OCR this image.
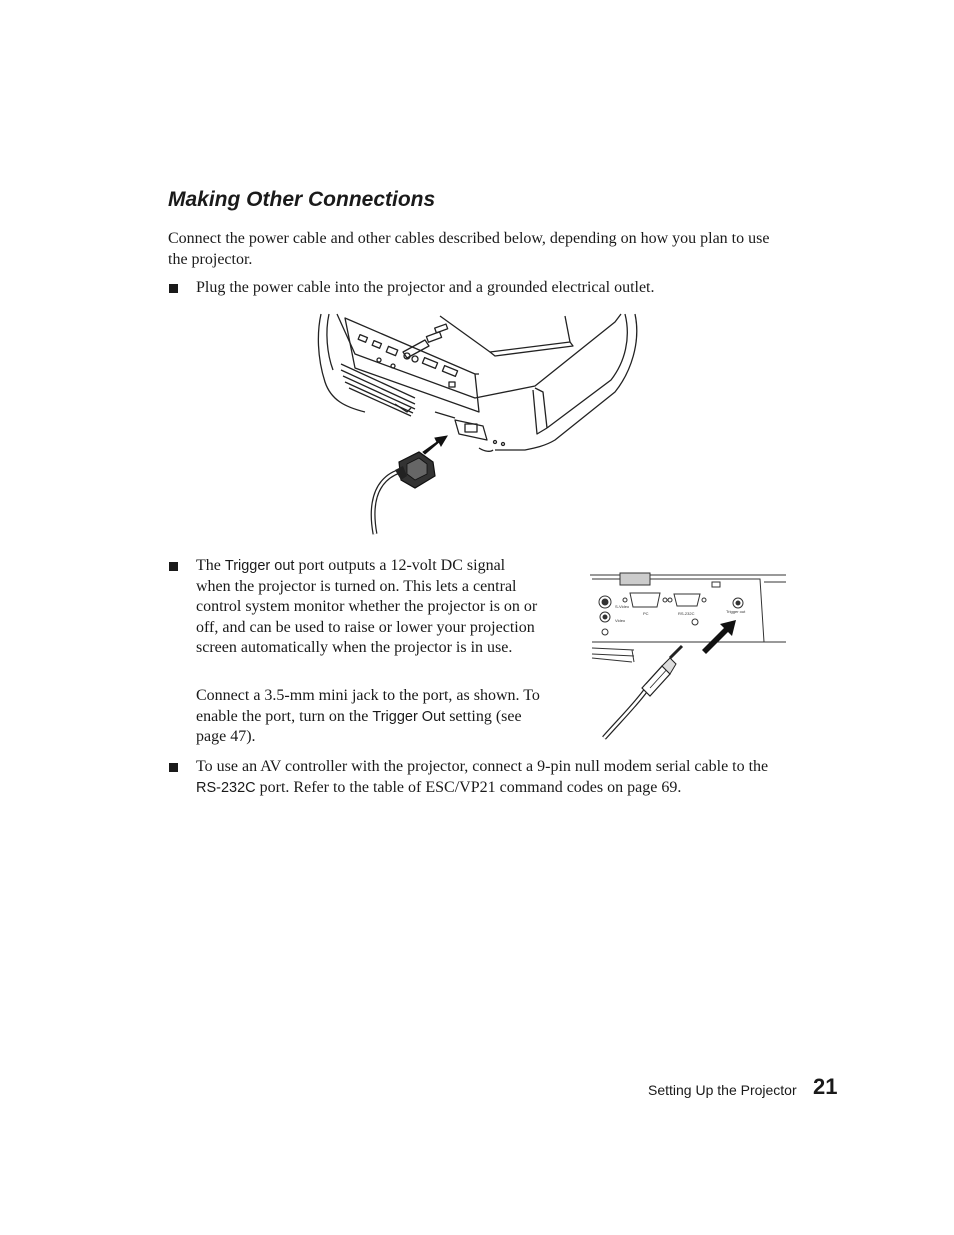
Making Other Connections

Connect the power cable and other cables described below, depending on how you plan to use the projector.

Plug the power cable into the projector and a grounded electrical outlet.

The Trigger out port outputs a 12-volt DC signal when the projector is turned on. This lets a central control system monitor whether the projector is on or off, and can be used to raise or lower your projection screen automatically when the projector is in use.

Connect a 3.5-mm mini jack to the port, as shown. To enable the port, turn on the Trigger Out setting (see page 47).

S-Video
Video
PC	RS-232C	Trigger out

To use an AV controller with the projector, connect a 9-pin null modem serial cable to the RS-232C port. Refer to the table of ESC/VP21 command codes on page 69.

Setting Up the Projector 21
